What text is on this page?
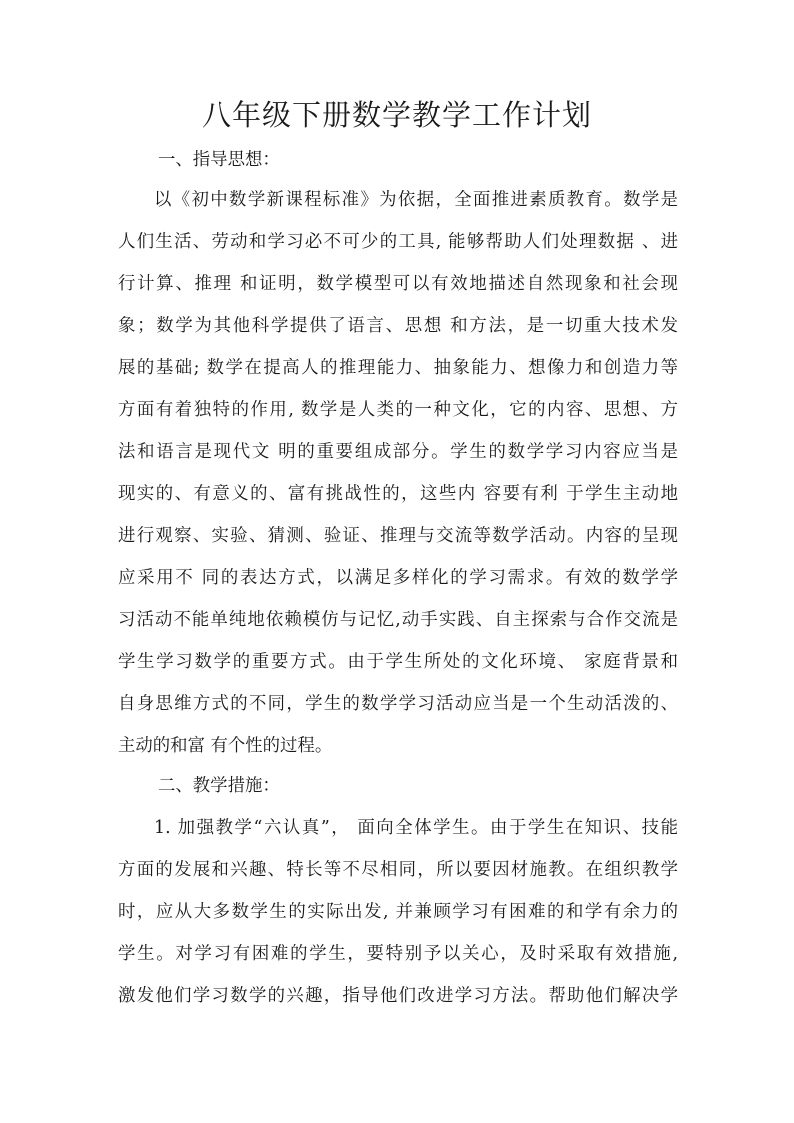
八年级下册数学教学工作计划
一、指导思想：
以《初中数学新课程标准》为依据，全面推进素质教育。数学是
人们生活、劳动和学习必不可少的工具, 能够帮助人们处理数据 、进
行计算、推理 和证明，数学模型可以有效地描述自然现象和社会现
象；数学为其他科学提供了语言、思想 和方法，是一切重大技术发
展的基础; 数学在提高人的推理能力、抽象能力、想像力和创造力等
方面有着独特的作用, 数学是人类的一种文化，它的内容、思想、方
法和语言是现代文 明的重要组成部分。学生的数学学习内容应当是
现实的、有意义的、富有挑战性的，这些内 容要有利 于学生主动地
进行观察、实验、猜测、验证、推理与交流等数学活动。内容的呈现
应采用不 同的表达方式，以满足多样化的学习需求。有效的数学学
习活动不能单纯地依赖模仿与记忆,动手实践、自主探索与合作交流是
学生学习数学的重要方式。由于学生所处的文化环境、 家庭背景和
自身思维方式的不同，学生的数学学习活动应当是一个生动活泼的、
主动的和富 有个性的过程。
二、教学措施：
1. 加强教学“六认真”， 面向全体学生。由于学生在知识、技能
方面的发展和兴趣、特长等不尽相同，所以要因材施教。在组织教学
时，应从大多数学生的实际出发, 并兼顾学习有困难的和学有余力的
学生。对学习有困难的学生，要特别予以关心，及时采取有效措施,
激发他们学习数学的兴趣，指导他们改进学习方法。帮助他们解决学
